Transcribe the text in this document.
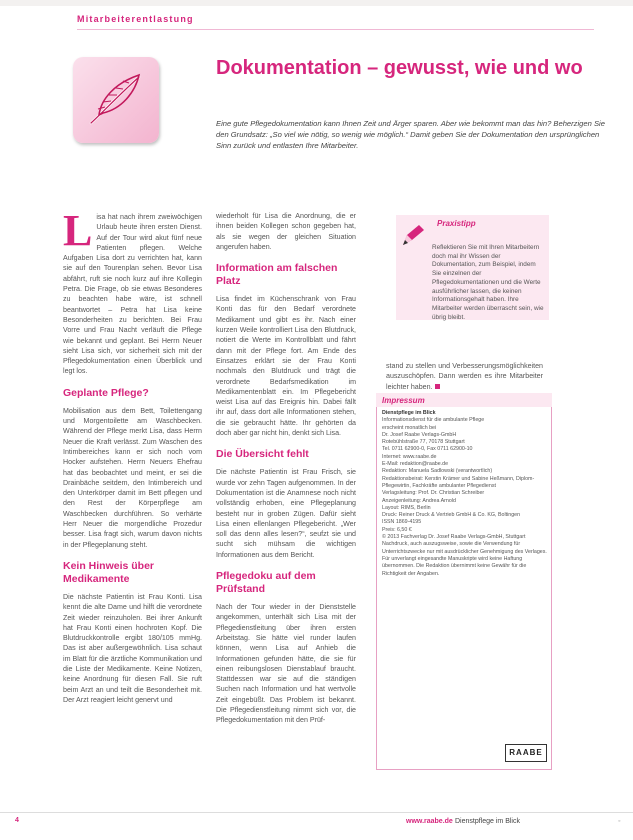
Mitarbeiterentlastung
Dokumentation – gewusst, wie und wo

Eine gute Pflegedokumentation kann Ihnen Zeit und Ärger sparen. Aber wie bekommt man das hin? Beherzigen Sie den Grundsatz: „So viel wie nötig, so wenig wie möglich.“ Damit geben Sie der Dokumentation den ursprünglichen Sinn zurück und entlasten Ihre Mitarbeiter.

Lisa hat nach ihrem zweiwöchigen Urlaub heute ihren ersten Dienst. Auf der Tour wird akut fünf neue Patienten pflegen. Welche Aufgaben Lisa dort zu verrichten hat, kann sie auf den Tourenplan sehen. Bevor Lisa abfährt, ruft sie noch kurz auf ihre Kollegin Petra. Die Frage, ob sie etwas Besonderes zu beachten habe wäre, ist schnell beantwortet – Petra hat Lisa keine Besonderheiten zu berichten. Bei Frau Vorre und Frau Nacht verläuft die Pflege wie bekannt und geplant. Bei Herrn Neuer sieht Lisa sich, vor sicherheit sich mit der Pflegedokumentation einen Überblick und legt los.

Geplante Pflege?

Mobilisation aus dem Bett, Toilettengang und Morgentoilette am Waschbecken. Während der Pflege merkt Lisa, dass Herrn Neuer die Kraft verlässt. Zum Waschen des Intimbereiches kann er sich noch vom Hocker aufstehen. Herrn Neuers Ehefrau hat das beobachtet und meint, er sei die Drainbäche seitdem, den Intimbereich und den Unterkörper damit im Bett pflegen und den Rest der Körperpflege am Waschbecken durchführen. So verhärte Herr Neuer die morgendliche Prozedur besser. Lisa fragt sich, warum davon nichts in der Pflegeplanung steht.

Kein Hinweis über Medikamente

Die nächste Patientin ist Frau Konti. Lisa kennt die alte Dame und hilft die verordnete Zeit wieder reinzuholen. Bei ihrer Ankunft hat Frau Konti einen hochroten Kopf. Die Blutdruckkontrolle ergibt 180/105 mmHg. Das ist aber außergewöhnlich. Lisa schaut im Blatt für die ärztliche Kommunikation und die Liste der Medikamente. Keine Notizen, keine Anordnung für diesen Fall. Sie ruft beim Arzt an und teilt die Besonderheit mit. Der Arzt reagiert leicht genervt und

wiederholt für Lisa die Anordnung, die er ihnen beiden Kollegen schon gegeben hat, als sie wegen der gleichen Situation angerufen haben.

Information am falschen Platz

Lisa findet im Küchenschrank von Frau Konti das für den Bedarf verordnete Medikament und gibt es ihr. Nach einer kurzen Weile kontrolliert Lisa den Blutdruck, notiert die Werte im Kontrollblatt und fährt dann mit der Pflege fort. Am Ende des Einsatzes erklärt sie der Frau Konti nochmals den Blutdruck und trägt die verordnete Bedarfsmedikation im Medikamentenblatt ein. Im Pflegebericht weist Lisa auf das Ereignis hin. Dabei fällt ihr auf, dass dort alle Informationen stehen, die sie gebraucht hätte. Ihr gehörten da doch aber gar nicht hin, denkt sich Lisa.

Die Übersicht fehlt

Die nächste Patientin ist Frau Frisch, sie wurde vor zehn Tagen aufgenommen. In der Dokumentation ist die Anamnese noch nicht vollständig erhoben, eine Pflegeplanung besteht nur in groben Zügen. Dafür sieht Lisa einen ellenlangen Pflegebericht. „Wer soll das denn alles lesen?“, seufzt sie und sucht sich mühsam die wichtigen Informationen aus dem Bericht.

Pflegedoku auf dem Prüfstand

Nach der Tour wieder in der Dienststelle angekommen, unterhält sich Lisa mit der Pflegedienstleitung über ihren ersten Arbeitstag. Sie hätte viel runder laufen können, wenn Lisa auf Anhieb die Informationen gefunden hätte, die sie für einen reibungslosen Dienstablauf braucht. Stattdessen war sie auf die ständigen Suchen nach Information und hat wertvolle Zeit eingebüßt. Das Problem ist bekannt. Die Pflegedienstleitung nimmt sich vor, die Pflegedokumentation mit den Prüf-

Praxistipp
Reflektieren Sie mit Ihren Mitarbeitern doch mal ihr Wissen der Dokumentation, zum Beispiel, indem Sie einzelnen der Pflegedokumentationen und die Werte ausführlicher lassen, die keinen Informationsgehalt haben. Ihre Mitarbeiter werden überrascht sein, wie übrig bleibt.

stand zu stellen und Verbesserungsmöglichkeiten auszuschöpfen. Dann werden es ihre Mitarbeiter leichter haben.

Impressum

Dienstpflege im Blick

Informationsdienst für die ambulante Pflege

erscheint monatlich bei

Dr. Josef Raabe Verlags-GmbH

Rotebühlstraße 77, 70178 Stuttgart

Tel. 0711 62900-0, Fax 0711 62900-10

Internet: www.raabe.de

E-Mail: redaktion@raabe.de

Redaktion: Manuela Sadlowski (verantwortlich)

Redaktionsbeirat: Kerstin Krämer und Sabine Heßmann, Diplom-Pflegewirtin, Fachkräfte ambulanter Pflegedienst

Verlagsleitung: Prof. Dr. Christian Schreiber

Anzeigenleitung: Andrea Arnold

Layout: RIMS, Berlin

Druck: Reiner Druck & Vertrieb GmbH & Co. KG, Boltingen

ISSN 1869-4195

Preis: 6,50 €

© 2013 Fachverlag Dr. Josef Raabe Verlags-GmbH, Stuttgart

Nachdruck, auch auszugsweise, sowie die Verwendung für Unterrichtszwecke nur mit ausdrücklicher Genehmigung des Verlages. Für unverlangt eingesandte Manuskripte wird keine Haftung übernommen. Die Redaktion übernimmt keine Gewähr für die Richtigkeit der Angaben.

RAABE
4	www.raabe.de Dienstpflege im Blick	◦
